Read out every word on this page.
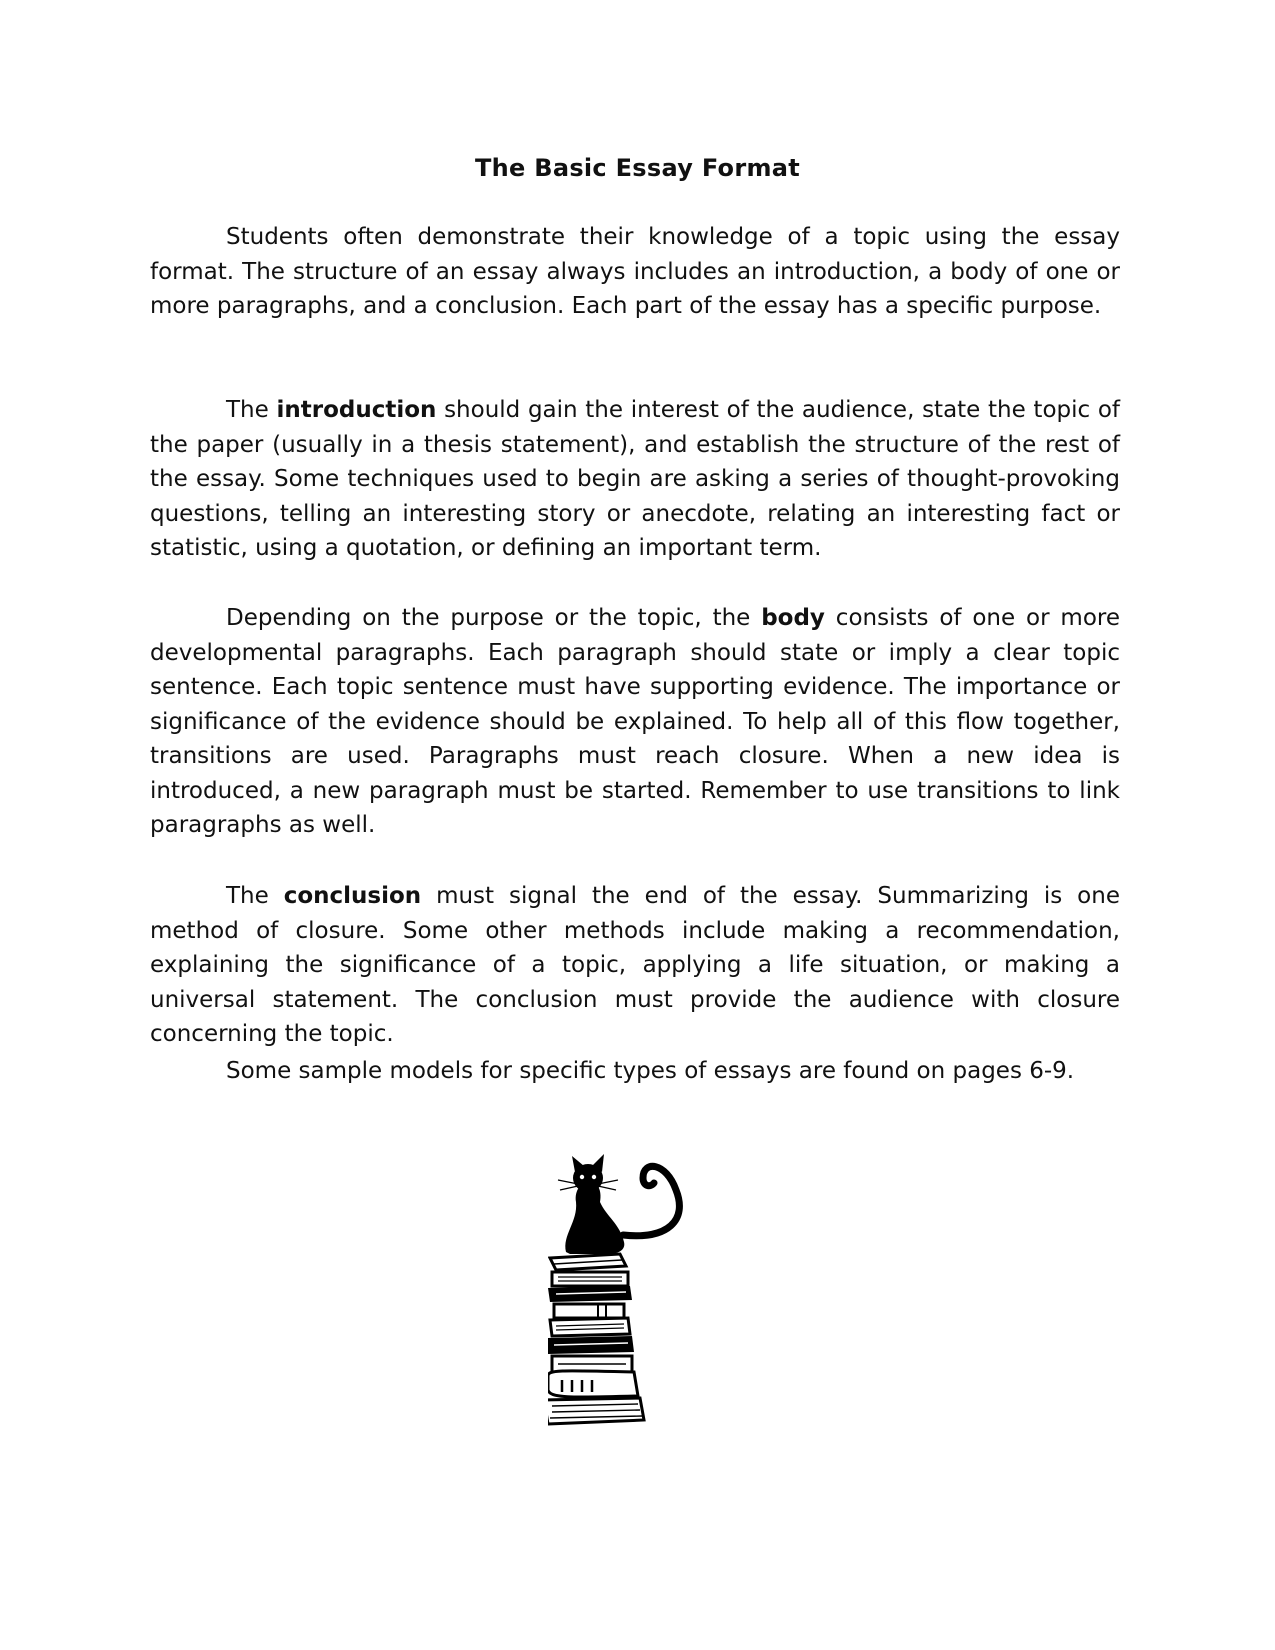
The Basic Essay Format

Students often demonstrate their knowledge of a topic using the essay format. The structure of an essay always includes an introduction, a body of one or more paragraphs, and a conclusion. Each part of the essay has a specific purpose.

The introduction should gain the interest of the audience, state the topic of the paper (usually in a thesis statement), and establish the structure of the rest of the essay. Some techniques used to begin are asking a series of thought-provoking questions, telling an interesting story or anecdote, relating an interesting fact or statistic, using a quotation, or defining an important term.

Depending on the purpose or the topic, the body consists of one or more developmental paragraphs. Each paragraph should state or imply a clear topic sentence. Each topic sentence must have supporting evidence. The importance or significance of the evidence should be explained. To help all of this flow together, transitions are used. Paragraphs must reach closure. When a new idea is introduced, a new paragraph must be started. Remember to use transitions to link paragraphs as well.

The conclusion must signal the end of the essay. Summarizing is one method of closure. Some other methods include making a recommendation, explaining the significance of a topic, applying a life situation, or making a universal statement. The conclusion must provide the audience with closure concerning the topic.

Some sample models for specific types of essays are found on pages 6-9.
